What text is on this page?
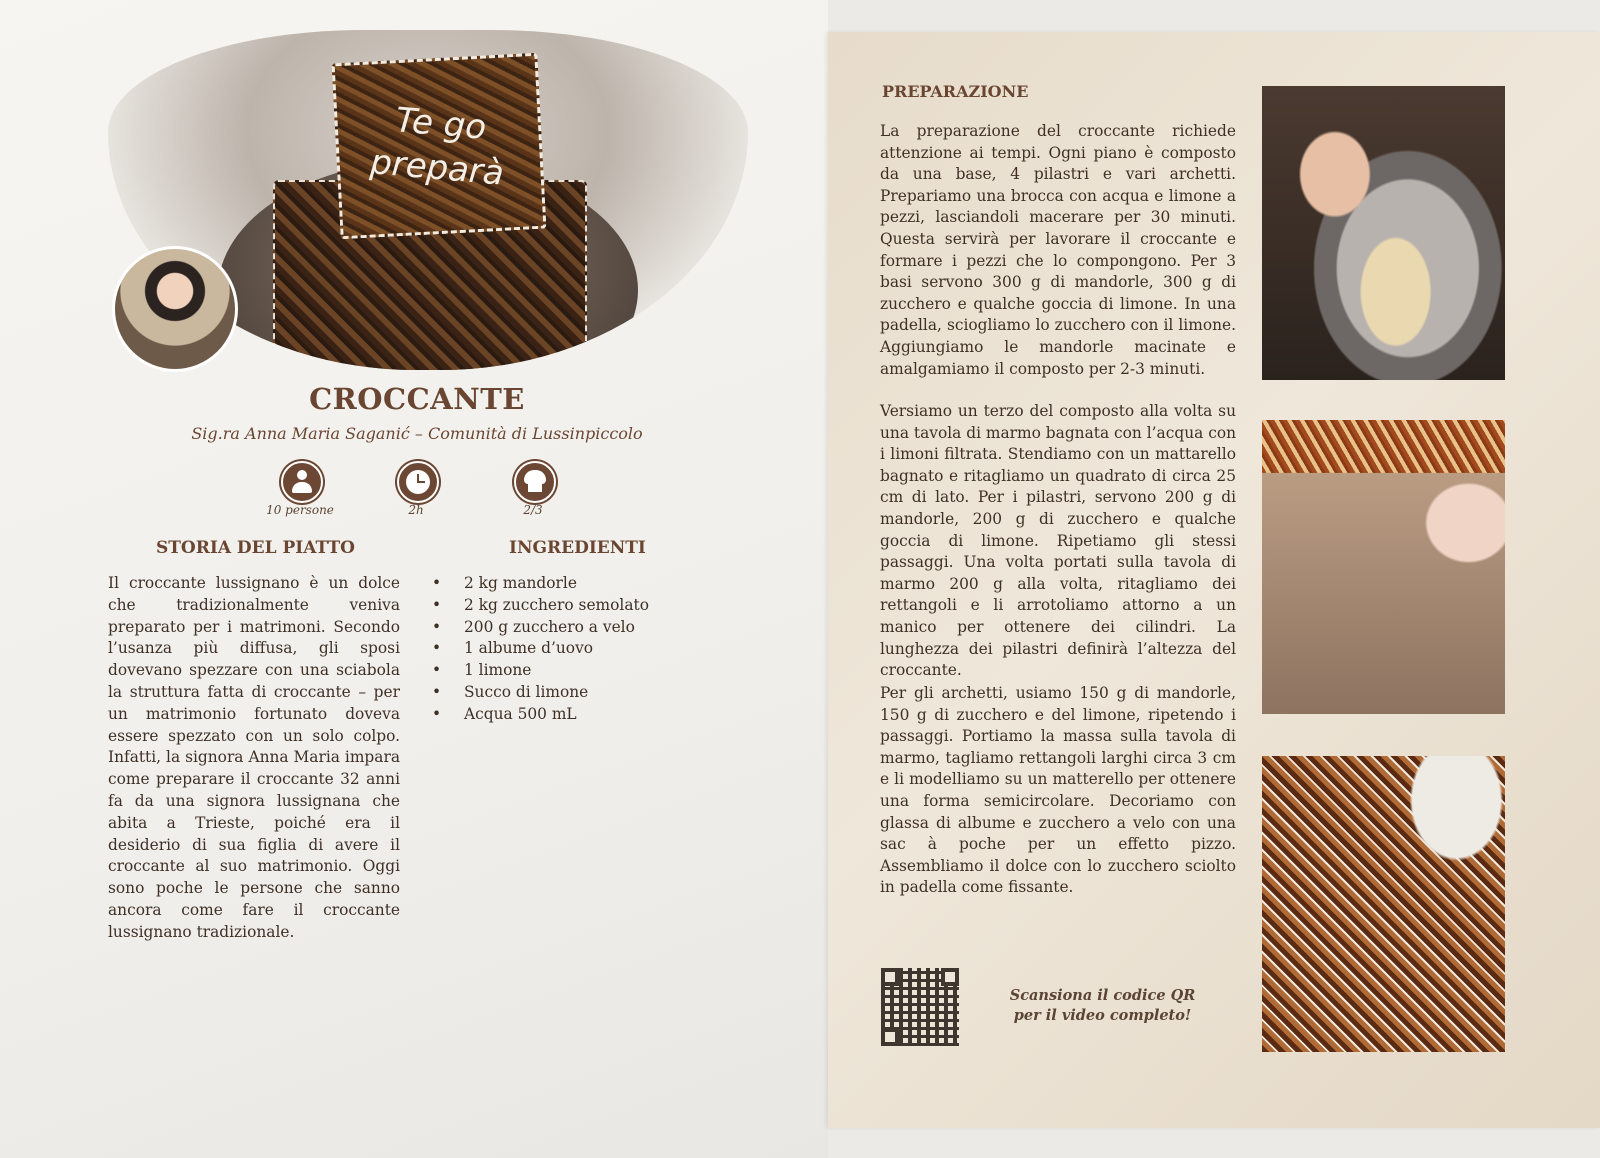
Te go preparà
CROCCANTE

Sig.ra Anna Maria Saganić – Comunità di Lussinpiccolo

10 persone	2h	2/3
STORIA DEL PIATTO

Il croccante lussignano è un dolce che tradizionalmente veniva preparato per i matrimoni. Secondo l’usanza più diffusa, gli sposi dovevano spezzare con una sciabola la struttura fatta di croccante – per un matrimonio fortunato doveva essere spezzato con un solo colpo. Infatti, la signora Anna Maria impara come preparare il croccante 32 anni fa da una signora lussignana che abita a Trieste, poiché era il desiderio di sua figlia di avere il croccante al suo matrimonio. Oggi sono poche le persone che sanno ancora come fare il croccante lussignano tradizionale.

INGREDIENTI
• 2 kg mandorle
• 2 kg zucchero semolato
• 200 g zucchero a velo
• 1 albume d’uovo
• 1 limone
• Succo di limone
• Acqua 500 mL
PREPARAZIONE

La preparazione del croccante richiede attenzione ai tempi. Ogni piano è composto da una base, 4 pilastri e vari archetti. Prepariamo una brocca con acqua e limone a pezzi, lasciandoli macerare per 30 minuti. Questa servirà per lavorare il croccante e formare i pezzi che lo compongono. Per 3 basi servono 300 g di mandorle, 300 g di zucchero e qualche goccia di limone. In una padella, sciogliamo lo zucchero con il limone. Aggiungiamo le mandorle macinate e amalgamiamo il composto per 2-3 minuti.

Versiamo un terzo del composto alla volta su una tavola di marmo bagnata con l’acqua con i limoni filtrata. Stendiamo con un mattarello bagnato e ritagliamo un quadrato di circa 25 cm di lato. Per i pilastri, servono 200 g di mandorle, 200 g di zucchero e qualche goccia di limone. Ripetiamo gli stessi passaggi. Una volta portati sulla tavola di marmo 200 g alla volta, ritagliamo dei rettangoli e li arrotoliamo attorno a un manico per ottenere dei cilindri. La lunghezza dei pilastri definirà l’altezza del croccante.

Per gli archetti, usiamo 150 g di mandorle, 150 g di zucchero e del limone, ripetendo i passaggi. Portiamo la massa sulla tavola di marmo, tagliamo rettangoli larghi circa 3 cm e li modelliamo su un matterello per ottenere una forma semicircolare. Decoriamo con glassa di albume e zucchero a velo con una sac à poche per un effetto pizzo. Assembliamo il dolce con lo zucchero sciolto in padella come fissante.

Scansiona il codice QR
per il video completo!
